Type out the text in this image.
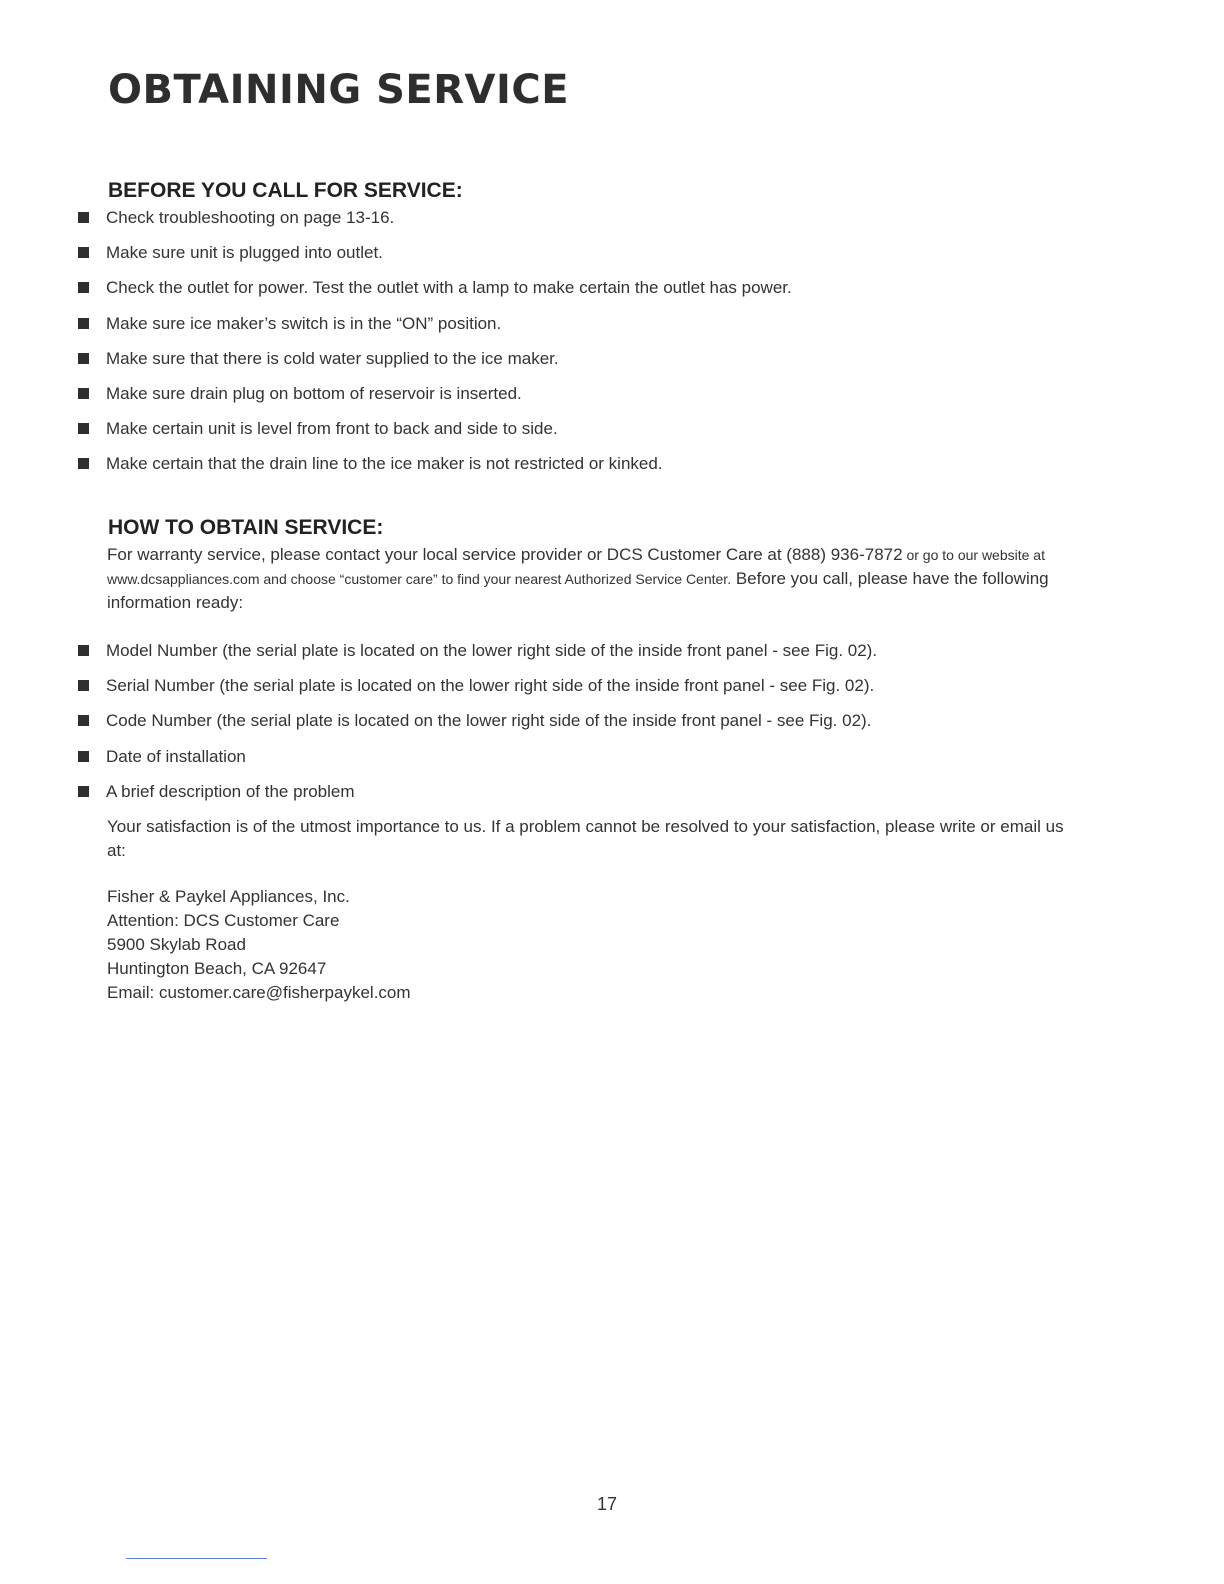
OBTAINING SERVICE
BEFORE YOU CALL FOR SERVICE:
Check troubleshooting on page 13-16.
Make sure unit is plugged into outlet.
Check the outlet for power. Test the outlet with a lamp to make certain the outlet has power.
Make sure ice maker’s switch is in the “ON” position.
Make sure that there is cold water supplied to the ice maker.
Make sure drain plug on bottom of reservoir is inserted.
Make certain unit is level from front to back and side to side.
Make certain that the drain line to the ice maker is not restricted or kinked.
HOW TO OBTAIN SERVICE:

For warranty service, please contact your local service provider or DCS Customer Care at (888) 936-7872 or go to our website at www.dcsappliances.com and choose “customer care” to find your nearest Authorized Service Center. Before you call, please have the following information ready:

Model Number (the serial plate is located on the lower right side of the inside front panel - see Fig. 02).
Serial Number (the serial plate is located on the lower right side of the inside front panel - see Fig. 02).
Code Number (the serial plate is located on the lower right side of the inside front panel - see Fig. 02).
Date of installation
A brief description of the problem

Your satisfaction is of the utmost importance to us. If a problem cannot be resolved to your satisfaction, please write or email us at:

Fisher & Paykel Appliances, Inc.
Attention: DCS Customer Care
5900 Skylab Road
Huntington Beach, CA 92647
Email: customer.care@fisherpaykel.com
17
